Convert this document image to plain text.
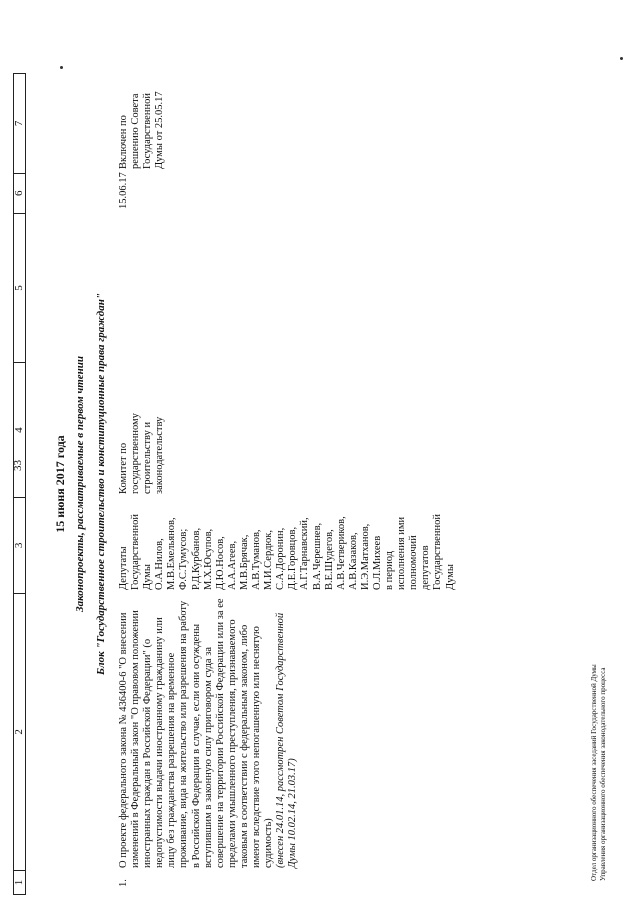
33
1
2
3
4
5
6
7
15 июня 2017 года Законопроекты, рассматриваемые в первом чтении Блок "Государственное строительство и конституционные права граждан"
1.
О проекте федерального закона № 436400-6 "О внесении изменений в Федеральный закон "О правовом положении иностранных граждан в Российской Федерации" (о недопустимости выдачи иностранному гражданину или лицу без гражданства разрешения на временное проживание, вида на жительство или разрешения на работу в Российской Федерации в случае, если они осуждены вступившим в законную силу приговором суда за совершение на территории Российской Федерации или за ее пределами умышленного преступления, признаваемого таковым в соответствии с федеральным законом, либо имеют вследствие этого непогашенную или неснятую судимость) (внесен 24.01.14, рассмотрен Советом Государственной Думы 10.02.14, 21.03.17)
Депутаты
Государственной
Думы
О.А.Нилов,
М.В.Емельянов,
Ф.С.Тумусов;
Р.Д.Курбанов,
М.Х.Юсупов,
Д.Ю.Носов,
А.А.Агеев,
М.В.Брячак,
А.В.Туманов,
М.И.Сердюк,
С.А.Доронин,
Д.Е.Горовцов,
А.Г.Тарнавский,
В.А.Черешнев,
В.Е.Шудегов,
А.В.Четвериков,
А.В.Казаков,
И.Э.Матханов,
О.Л.Михеев
в период
исполнения ими
полномочий
депутатов
Государственной
Думы
Комитет по
государственному
строительству и
законодательству
15.06.17
Включен по
решению Совета
Государственной
Думы от 25.05.17
Отдел организационного обеспечения заседаний Государственной Думы Управления организационного обеспечения законодательного процесса
